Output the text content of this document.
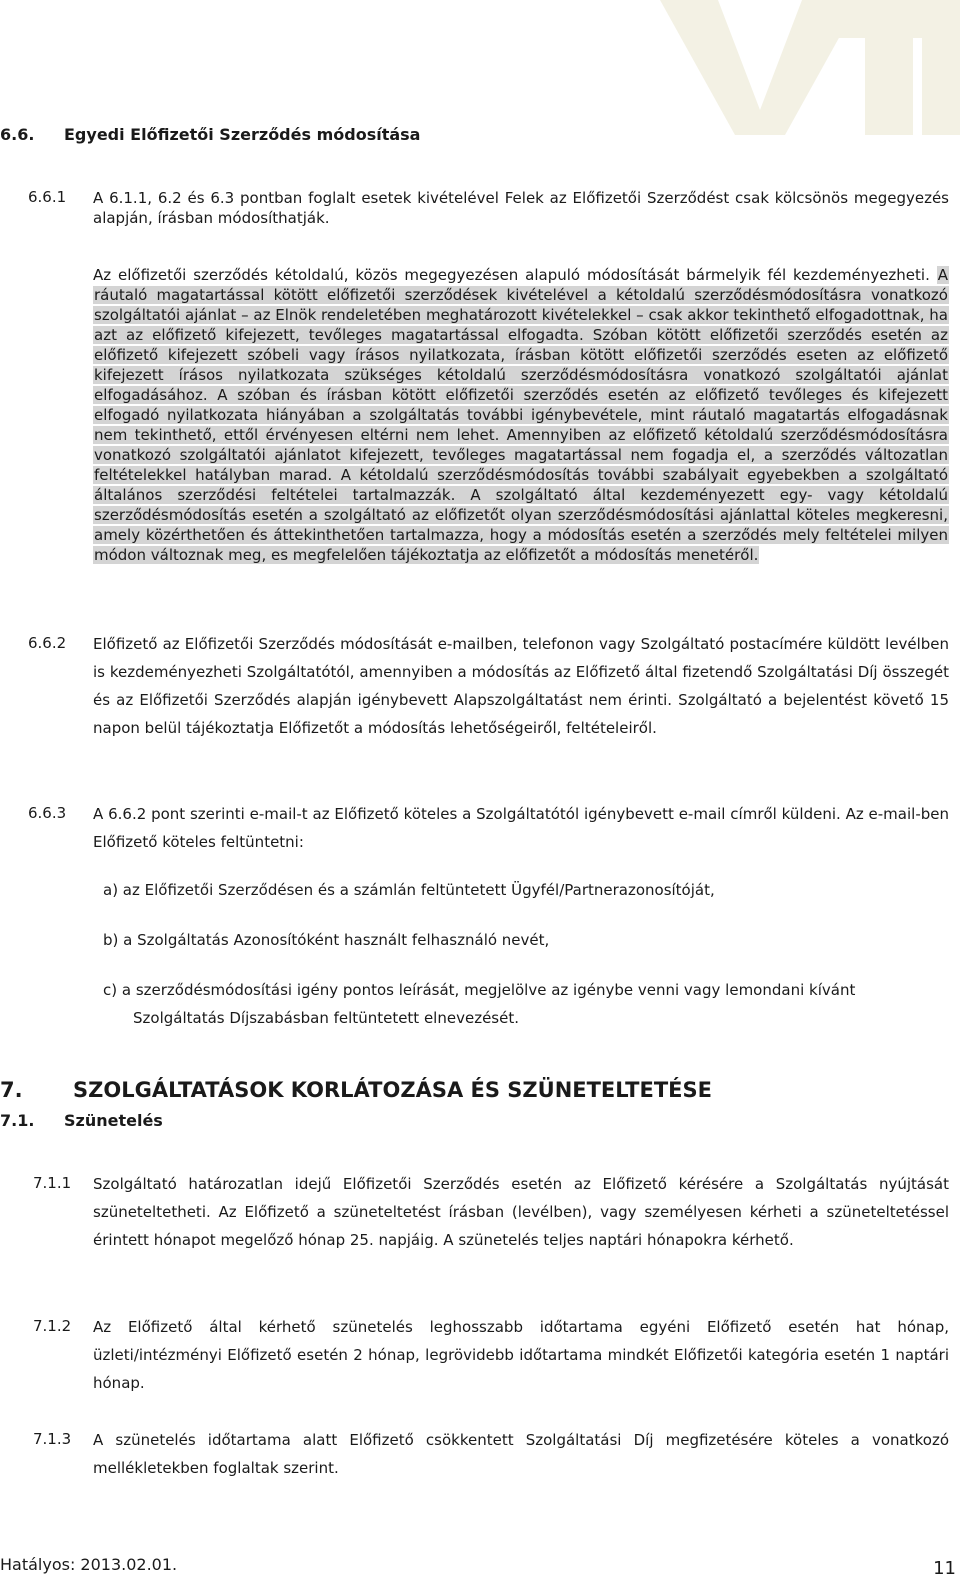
6.6. Egyedi Előfizetői Szerződés módosítása
6.6.1 A 6.1.1, 6.2 és 6.3 pontban foglalt esetek kivételével Felek az Előfizetői Szerződést csak kölcsönös megegyezés alapján, írásban módosíthatják.
Az előfizetői szerződés kétoldalú, közös megegyezésen alapuló módosítását bármelyik fél kezdeményezheti. A ráutaló magatartással kötött előfizetői szerződések kivételével a kétoldalú szerződésmódosításra vonatkozó szolgáltatói ajánlat – az Elnök rendeletében meghatározott kivételekkel – csak akkor tekinthető elfogadottnak, ha azt az előfizető kifejezett, tevőleges magatartással elfogadta. Szóban kötött előfizetői szerződés esetén az előfizető kifejezett szóbeli vagy írásos nyilatkozata, írásban kötött előfizetői szerződés eseten az előfizető kifejezett írásos nyilatkozata szükséges kétoldalú szerződésmódosításra vonatkozó szolgáltatói ajánlat elfogadásához. A szóban és írásban kötött előfizetői szerződés esetén az előfizető tevőleges és kifejezett elfogadó nyilatkozata hiányában a szolgáltatás további igénybevétele, mint ráutaló magatartás elfogadásnak nem tekinthető, ettől érvényesen eltérni nem lehet. Amennyiben az előfizető kétoldalú szerződésmódosításra vonatkozó szolgáltatói ajánlatot kifejezett, tevőleges magatartással nem fogadja el, a szerződés változatlan feltételekkel hatályban marad. A kétoldalú szerződésmódosítás további szabályait egyebekben a szolgáltató általános szerződési feltételei tartalmazzák. A szolgáltató által kezdeményezett egy- vagy kétoldalú szerződésmódosítás esetén a szolgáltató az előfizetőt olyan szerződésmódosítási ajánlattal köteles megkeresni, amely közérthetően és áttekinthetően tartalmazza, hogy a módosítás esetén a szerződés mely feltételei milyen módon változnak meg, es megfelelően tájékoztatja az előfizetőt a módosítás menetéről.
6.6.2 Előfizető az Előfizetői Szerződés módosítását e-mailben, telefonon vagy Szolgáltató postacímére küldött levélben is kezdeményezheti Szolgáltatótól, amennyiben a módosítás az Előfizető által fizetendő Szolgáltatási Díj összegét és az Előfizetői Szerződés alapján igénybevett Alapszolgáltatást nem érinti. Szolgáltató a bejelentést követő 15 napon belül tájékoztatja Előfizetőt a módosítás lehetőségeiről, feltételeiről.
6.6.3 A 6.6.2 pont szerinti e-mail-t az Előfizető köteles a Szolgáltatótól igénybevett e-mail címről küldeni. Az e-mail-ben Előfizető köteles feltüntetni:
a) az Előfizetői Szerződésen és a számlán feltüntetett Ügyfél/Partnerazonosítóját,
b) a Szolgáltatás Azonosítóként használt felhasználó nevét,
c) a szerződésmódosítási igény pontos leírását, megjelölve az igénybe venni vagy lemondani kívánt
Szolgáltatás Díjszabásban feltüntetett elnevezését.
7. SZOLGÁLTATÁSOK KORLÁTOZÁSA ÉS SZÜNETELTETÉSE
7.1. Szünetelés
7.1.1 Szolgáltató határozatlan idejű Előfizetői Szerződés esetén az Előfizető kérésére a Szolgáltatás nyújtását szüneteltetheti. Az Előfizető a szüneteltetést írásban (levélben), vagy személyesen kérheti a szüneteltetéssel érintett hónapot megelőző hónap 25. napjáig. A szünetelés teljes naptári hónapokra kérhető.
7.1.2 Az Előfizető által kérhető szünetelés leghosszabb időtartama egyéni Előfizető esetén hat hónap, üzleti/intézményi Előfizető esetén 2 hónap, legrövidebb időtartama mindkét Előfizetői kategória esetén 1 naptári hónap.
7.1.3 A szünetelés időtartama alatt Előfizető csökkentett Szolgáltatási Díj megfizetésére köteles a vonatkozó mellékletekben foglaltak szerint.
Hatályos: 2013.02.01.	11
